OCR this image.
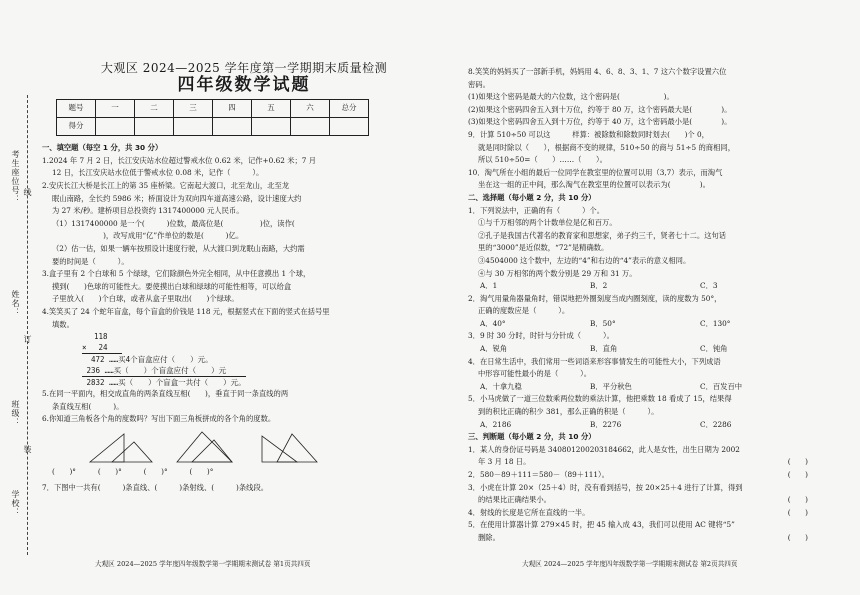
考生座位号： 线
姓名：
订
班级：
装
学校：
大观区 2024—2025 学年度第一学期期末质量检测
四年级数学试题
题号	一	二	三	四	五	六	总分
得分							
一、填空题（每空 1 分，共 30 分）

1.2024 年 7 月 2 日，长江安庆站水位超过警戒水位 0.62 米，记作+0.62 米；7 月

12 日，长江安庆站水位低于警戒水位 0.08 米，记作（　　　）。

2.安庆长江大桥是长江上的第 35 座桥梁。它南起大渡口，北至龙山，北至龙

眠山南路，全长约 5986 米；桥面设计为双向四车道高速公路，设计速度大约

为 27 米/秒。建桥项目总投资约 1317400000 元人民币。

（1）1317400000 是一个(　　　)位数，最高位是(　　　　　)位，读作(

　　　　　　　)，改写成用“亿”作单位的数是(　　　)亿。

（2）估一估，如果一辆车按照设计速度行驶，从大渡口到龙眠山南路，大约需

要的时间是（　　　）。

3.盒子里有 2 个白球和 5 个绿球，它们除颜色外完全相同，从中任意摸出 1 个球，

摸到(　　)色球的可能性大。要使摸出白球和绿球的可能性相等，可以给盒

子里放入(　　)个白球，或者从盒子里取出(　　)个绿球。

4.笑笑买了 24 个蛇年盲盒，每个盲盒的价钱是 118 元，根据竖式在下面的竖式在括号里

填数。

　 118
× 　24
472 ……买4个盲盒应付（　　）元。
236 ……买（　　）个盲盒应付（　　）元
2832 ……买（　　）个盲盒一共付（　　）元。

5.在同一平面内，相交成直角的两条直线互相(　　)，垂直于同一条直线的两

条直线互相(　　　)。

6.你知道三角板各个角的度数吗？写出下面三角板拼成的各个角的度数。

(　　)°　　　(　　)°　　　(　　)°　　　(　　)°

7．下图中一共有(　　　)条直线、(　　　)条射线、(　　　)条线段。

大观区 2024—2025 学年度四年级数学第一学期期末测试卷 第1页共四页

8.笑笑的妈妈买了一部新手机，妈妈用 4、6、8、3、1、7 这六个数字设置六位

密码。

(1)如果这个密码是最大的六位数，这个密码是(　　　　　　)。

(2)如果这个密码四舍五入到十万位，约等于 80 万，这个密码最大是(　　　　)。

(3)如果这个密码四舍五入到十万位，约等于 40 万，这个密码最小是(　　　　)。

9．计算 510÷50 可以这　　　样算：被除数和除数同时划去(　　)个 0，

就是同时除以（　　），根据商不变的规律，510÷50 的商与 51÷5 的商相同，

所以 510÷50=（　　）……（　　）。

10．淘气所在小组的最后一位同学在教室里的位置可以用（3,7）表示，而淘气

坐在这一组的正中间，那么淘气在教室里的位置可以表示为(　　　　)。

二、选择题（每小题 2 分，共 10 分）

1．下列说法中，正确的有（　　　）个。

①与千万相邻的两个计数单位是亿和百万。

②孔子是我国古代著名的教育家和思想家，弟子约三千，贤者七十二。这句话

里的“3000”是近似数，“72”是精确数。

③4504000 这个数中，左边的“4”和右边的“4”表示的意义相同。

④与 30 万相邻的两个数分别是 29 万和 31 万。

A．1	B．2	C．3

2．淘气用量角器量角时，错误地把外圈刻度当成内圈刻度，读的度数为 50°，

正确的度数应是（　　　）。

A．40°	B．50°	C．130°

3．9 时 30 分时，时针与分针成（　　　）。

A．锐角	B．直角	C．钝角

4．在日常生活中，我们常用一些词语来形容事情发生的可能性大小，下列成语

中形容可能性最小的是（　　　）。

A．十拿九稳	B．平分秋色	C．百发百中

5．小马虎做了一道三位数乘两位数的乘法计算，他把乘数 18 看成了 15，结果得

到的积比正确的积少 381，那么正确的积是（　　　）。

A．2186	B．2276	C．2286
三、判断题（每小题 2 分，共 10 分）

1．某人的身份证号码是 340801200203184662，此人是女性，出生日期为 2002

年 3 月 18 日。	(　　)

2．580－89＋111＝580－（89＋111）。	(　　)

3．小虎在计算 20×（25＋4）时，没有看到括号，按 20×25＋4 进行了计算，得到

的结果比正确结果小。	(　　)

4．射线的长度是它所在直线的一半。	(　　)

5．在使用计算器计算 279×45 时，把 45 输入成 43，我们可以使用 AC 键将“5”

删除。	(　　)

大观区 2024—2025 学年度四年级数学第一学期期末测试卷 第2页共四页
